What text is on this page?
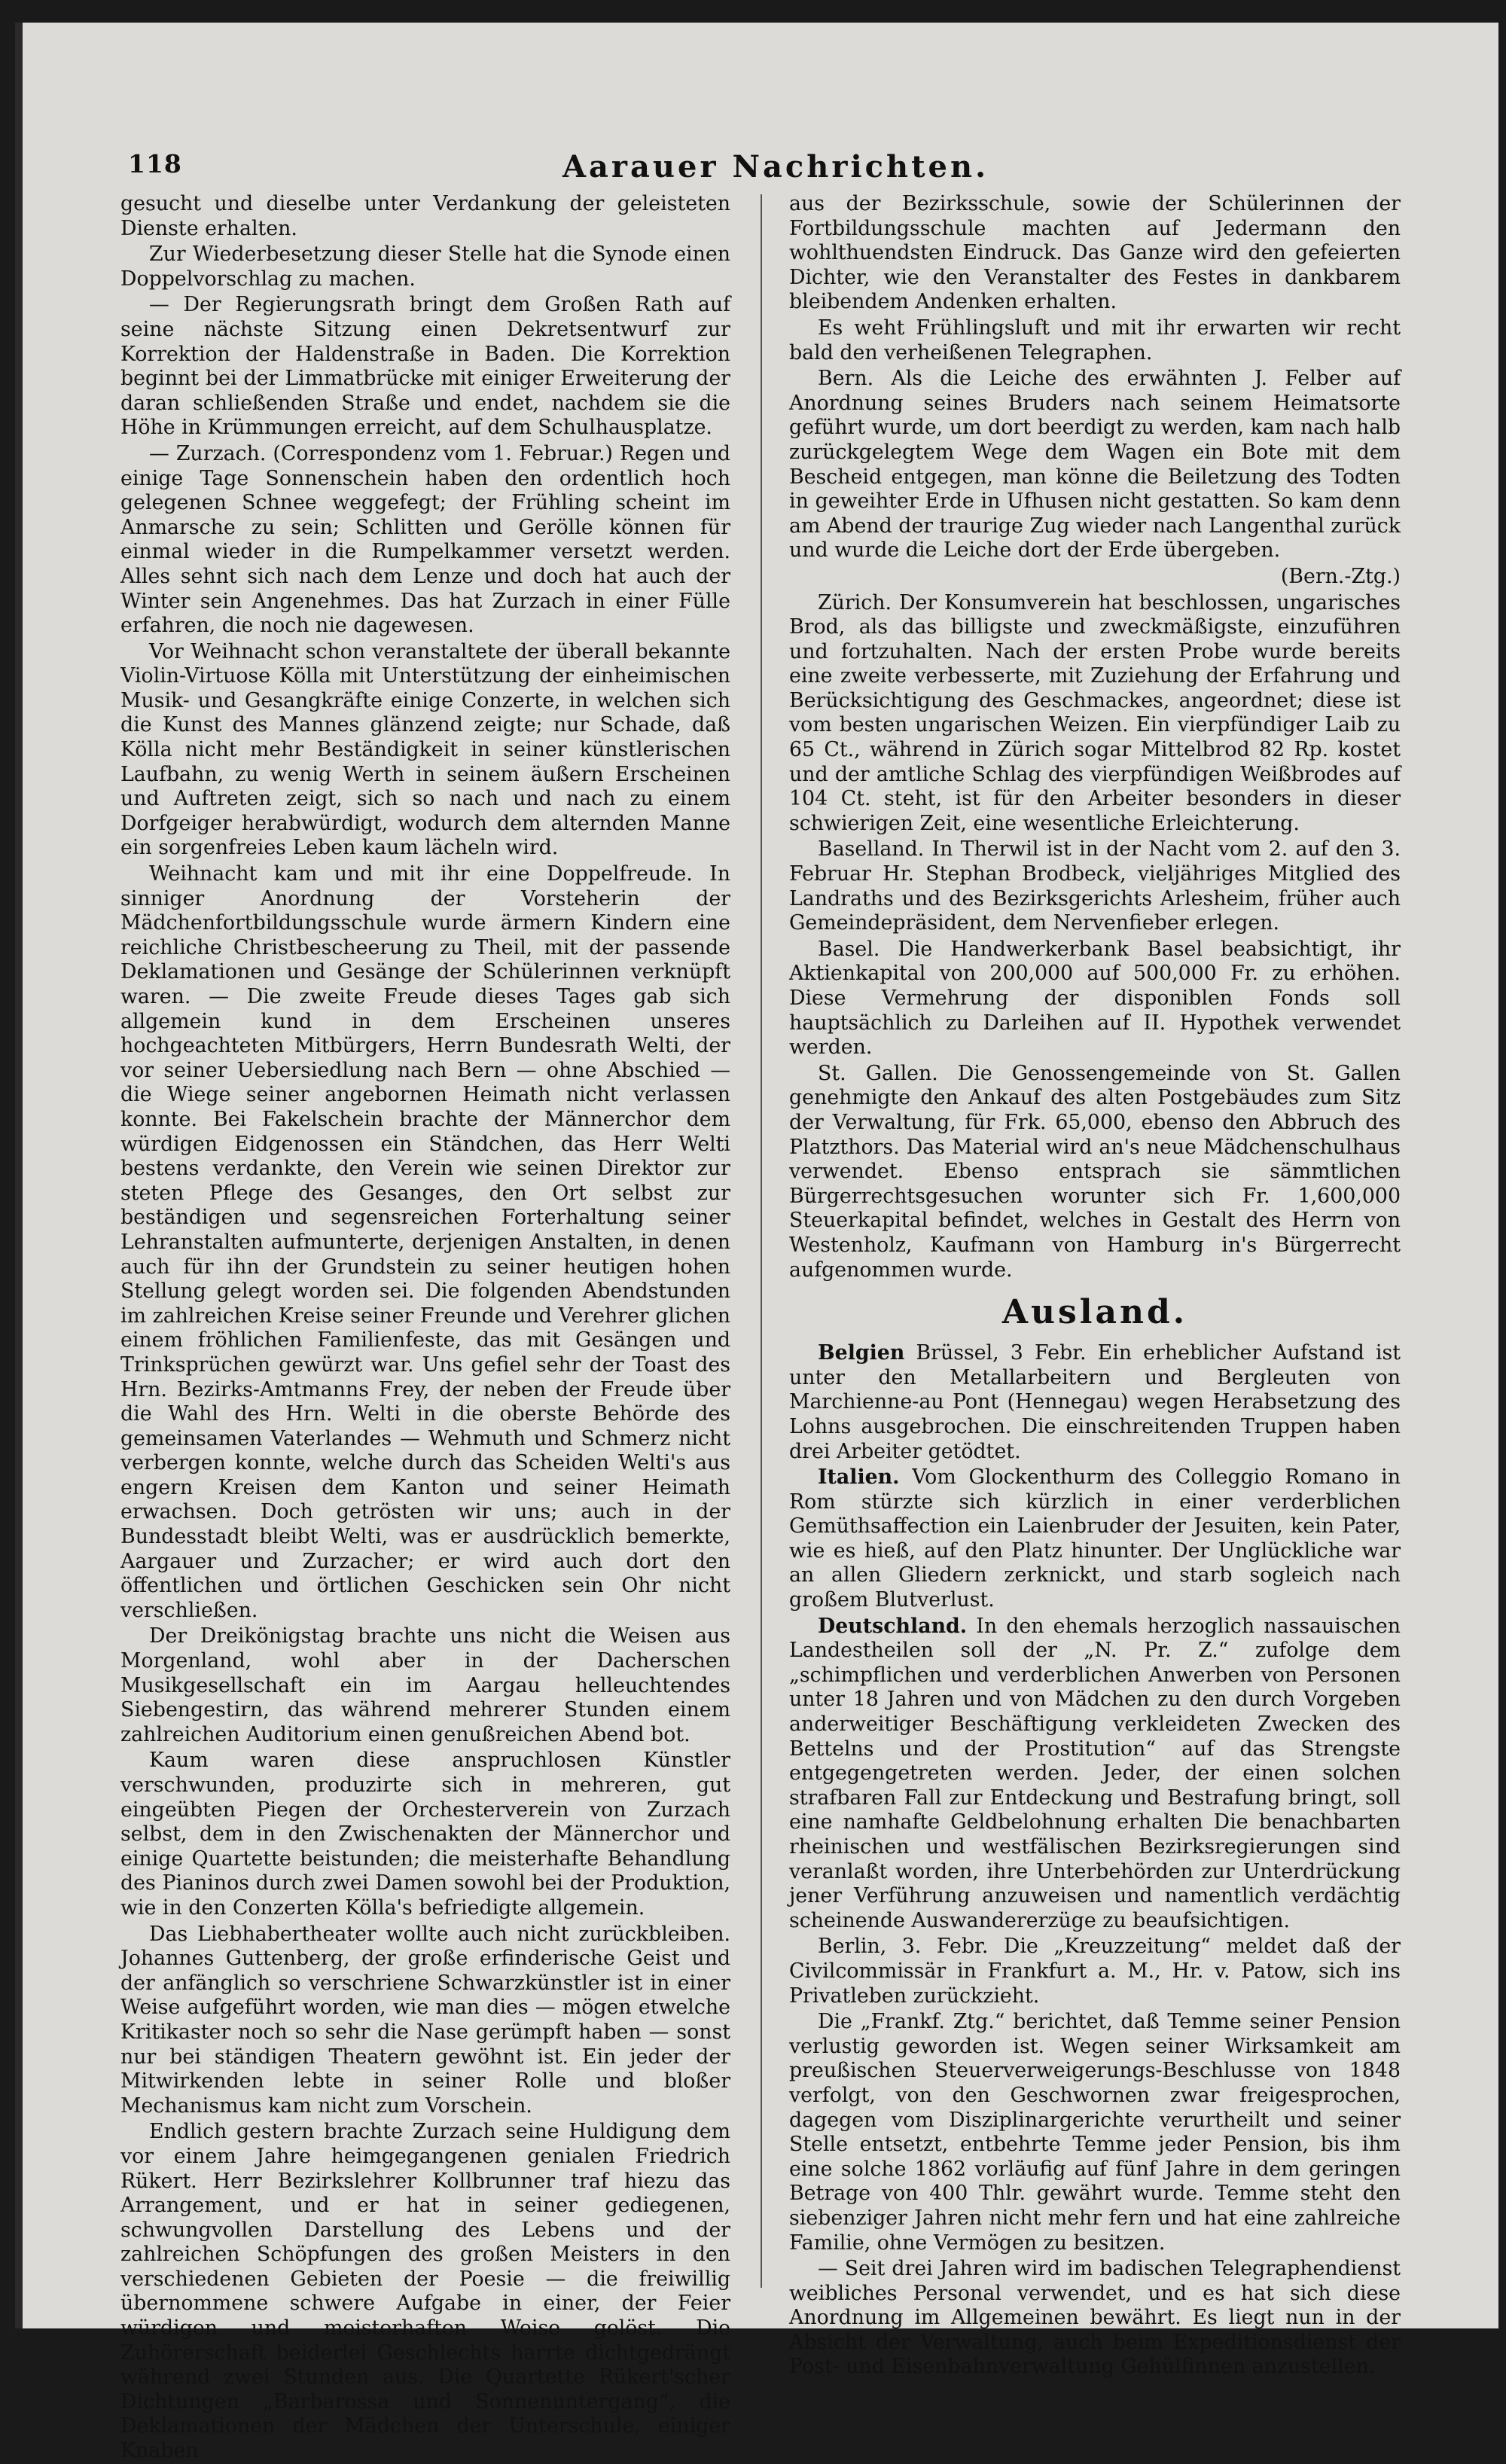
118	Aarauer Nachrichten.

gesucht und dieselbe unter Verdankung der geleisteten Dienste erhalten.

Zur Wiederbesetzung dieser Stelle hat die Synode einen Doppelvorschlag zu machen.

— Der Regierungsrath bringt dem Großen Rath auf seine nächste Sitzung einen Dekretsentwurf zur Korrektion der Haldenstraße in Baden. Die Korrektion beginnt bei der Limmatbrücke mit einiger Erweiterung der daran schließenden Straße und endet, nachdem sie die Höhe in Krümmungen erreicht, auf dem Schulhausplatze.

— Zurzach. (Correspondenz vom 1. Februar.) Regen und einige Tage Sonnenschein haben den ordentlich hoch gelegenen Schnee weggefegt; der Frühling scheint im Anmarsche zu sein; Schlitten und Gerölle können für einmal wieder in die Rumpelkammer versetzt werden. Alles sehnt sich nach dem Lenze und doch hat auch der Winter sein Angenehmes. Das hat Zurzach in einer Fülle erfahren, die noch nie dagewesen.

Vor Weihnacht schon veranstaltete der überall bekannte Violin-Virtuose Kölla mit Unterstützung der einheimischen Musik- und Gesangkräfte einige Conzerte, in welchen sich die Kunst des Mannes glänzend zeigte; nur Schade, daß Kölla nicht mehr Beständigkeit in seiner künstlerischen Laufbahn, zu wenig Werth in seinem äußern Erscheinen und Auftreten zeigt, sich so nach und nach zu einem Dorfgeiger herabwürdigt, wodurch dem alternden Manne ein sorgenfreies Leben kaum lächeln wird.

Weihnacht kam und mit ihr eine Doppelfreude. In sinniger Anordnung der Vorsteherin der Mädchenfortbildungsschule wurde ärmern Kindern eine reichliche Christbescheerung zu Theil, mit der passende Deklamationen und Gesänge der Schülerinnen verknüpft waren. — Die zweite Freude dieses Tages gab sich allgemein kund in dem Erscheinen unseres hochgeachteten Mitbürgers, Herrn Bundesrath Welti, der vor seiner Uebersiedlung nach Bern — ohne Abschied — die Wiege seiner angebornen Heimath nicht verlassen konnte. Bei Fakelschein brachte der Männerchor dem würdigen Eidgenossen ein Ständchen, das Herr Welti bestens verdankte, den Verein wie seinen Direktor zur steten Pflege des Gesanges, den Ort selbst zur beständigen und segensreichen Forterhaltung seiner Lehranstalten aufmunterte, derjenigen Anstalten, in denen auch für ihn der Grundstein zu seiner heutigen hohen Stellung gelegt worden sei. Die folgenden Abendstunden im zahlreichen Kreise seiner Freunde und Verehrer glichen einem fröhlichen Familienfeste, das mit Gesängen und Trinksprüchen gewürzt war. Uns gefiel sehr der Toast des Hrn. Bezirks-Amtmanns Frey, der neben der Freude über die Wahl des Hrn. Welti in die oberste Behörde des gemeinsamen Vaterlandes — Wehmuth und Schmerz nicht verbergen konnte, welche durch das Scheiden Welti's aus engern Kreisen dem Kanton und seiner Heimath erwachsen. Doch getrösten wir uns; auch in der Bundesstadt bleibt Welti, was er ausdrücklich bemerkte, Aargauer und Zurzacher; er wird auch dort den öffentlichen und örtlichen Geschicken sein Ohr nicht verschließen.

Der Dreikönigstag brachte uns nicht die Weisen aus Morgenland, wohl aber in der Dacherschen Musikgesellschaft ein im Aargau helleuchtendes Siebengestirn, das während mehrerer Stunden einem zahlreichen Auditorium einen genußreichen Abend bot.

Kaum waren diese anspruchlosen Künstler verschwunden, produzirte sich in mehreren, gut eingeübten Piegen der Orchesterverein von Zurzach selbst, dem in den Zwischenakten der Männerchor und einige Quartette beistunden; die meisterhafte Behandlung des Pianinos durch zwei Damen sowohl bei der Produktion, wie in den Conzerten Kölla's befriedigte allgemein.

Das Liebhabertheater wollte auch nicht zurückbleiben. Johannes Guttenberg, der große erfinderische Geist und der anfänglich so verschriene Schwarzkünstler ist in einer Weise aufgeführt worden, wie man dies — mögen etwelche Kritikaster noch so sehr die Nase gerümpft haben — sonst nur bei ständigen Theatern gewöhnt ist. Ein jeder der Mitwirkenden lebte in seiner Rolle und bloßer Mechanismus kam nicht zum Vorschein.

Endlich gestern brachte Zurzach seine Huldigung dem vor einem Jahre heimgegangenen genialen Friedrich Rükert. Herr Bezirkslehrer Kollbrunner traf hiezu das Arrangement, und er hat in seiner gediegenen, schwungvollen Darstellung des Lebens und der zahlreichen Schöpfungen des großen Meisters in den verschiedenen Gebieten der Poesie — die freiwillig übernommene schwere Aufgabe in einer, der Feier würdigen und meisterhaften Weise gelöst. Die Zuhörerschaft beiderlei Geschlechts harrte dichtgedrängt während zwei Stunden aus. Die Quartette Rükert'scher Dichtungen „Barbarossa und Sonnenuntergang“, die Deklamationen der Mädchen der Unterschule, einiger Knaben

aus der Bezirksschule, sowie der Schülerinnen der Fortbildungsschule machten auf Jedermann den wohlthuendsten Eindruck. Das Ganze wird den gefeierten Dichter, wie den Veranstalter des Festes in dankbarem bleibendem Andenken erhalten.

Es weht Frühlingsluft und mit ihr erwarten wir recht bald den verheißenen Telegraphen.

Bern. Als die Leiche des erwähnten J. Felber auf Anordnung seines Bruders nach seinem Heimatsorte geführt wurde, um dort beerdigt zu werden, kam nach halb zurückgelegtem Wege dem Wagen ein Bote mit dem Bescheid entgegen, man könne die Beiletzung des Todten in geweihter Erde in Ufhusen nicht gestatten. So kam denn am Abend der traurige Zug wieder nach Langenthal zurück und wurde die Leiche dort der Erde übergeben.

(Bern.-Ztg.)

Zürich. Der Konsumverein hat beschlossen, ungarisches Brod, als das billigste und zweckmäßigste, einzuführen und fortzuhalten. Nach der ersten Probe wurde bereits eine zweite verbesserte, mit Zuziehung der Erfahrung und Berücksichtigung des Geschmackes, angeordnet; diese ist vom besten ungarischen Weizen. Ein vierpfündiger Laib zu 65 Ct., während in Zürich sogar Mittelbrod 82 Rp. kostet und der amtliche Schlag des vierpfündigen Weißbrodes auf 104 Ct. steht, ist für den Arbeiter besonders in dieser schwierigen Zeit, eine wesentliche Erleichterung.

Baselland. In Therwil ist in der Nacht vom 2. auf den 3. Februar Hr. Stephan Brodbeck, vieljähriges Mitglied des Landraths und des Bezirksgerichts Arlesheim, früher auch Gemeindepräsident, dem Nervenfieber erlegen.

Basel. Die Handwerkerbank Basel beabsichtigt, ihr Aktienkapital von 200,000 auf 500,000 Fr. zu erhöhen. Diese Vermehrung der disponiblen Fonds soll hauptsächlich zu Darleihen auf II. Hypothek verwendet werden.

St. Gallen. Die Genossengemeinde von St. Gallen genehmigte den Ankauf des alten Postgebäudes zum Sitz der Verwaltung, für Frk. 65,000, ebenso den Abbruch des Platzthors. Das Material wird an's neue Mädchenschulhaus verwendet. Ebenso entsprach sie sämmtlichen Bürgerrechtsgesuchen worunter sich Fr. 1,600,000 Steuerkapital befindet, welches in Gestalt des Herrn von Westenholz, Kaufmann von Hamburg in's Bürgerrecht aufgenommen wurde.

Ausland.

Belgien Brüssel, 3 Febr. Ein erheblicher Aufstand ist unter den Metallarbeitern und Bergleuten von Marchienne-au Pont (Hennegau) wegen Herabsetzung des Lohns ausgebrochen. Die einschreitenden Truppen haben drei Arbeiter getödtet.

Italien. Vom Glockenthurm des Colleggio Romano in Rom stürzte sich kürzlich in einer verderblichen Gemüthsaffection ein Laienbruder der Jesuiten, kein Pater, wie es hieß, auf den Platz hinunter. Der Unglückliche war an allen Gliedern zerknickt, und starb sogleich nach großem Blutverlust.

Deutschland. In den ehemals herzoglich nassauischen Landestheilen soll der „N. Pr. Z.“ zufolge dem „schimpflichen und verderblichen Anwerben von Personen unter 18 Jahren und von Mädchen zu den durch Vorgeben anderweitiger Beschäftigung verkleideten Zwecken des Bettelns und der Prostitution“ auf das Strengste entgegengetreten werden. Jeder, der einen solchen strafbaren Fall zur Entdeckung und Bestrafung bringt, soll eine namhafte Geldbelohnung erhalten Die benachbarten rheinischen und westfälischen Bezirksregierungen sind veranlaßt worden, ihre Unterbehörden zur Unterdrückung jener Verführung anzuweisen und namentlich verdächtig scheinende Auswandererzüge zu beaufsichtigen.

Berlin, 3. Febr. Die „Kreuzzeitung“ meldet daß der Civilcommissär in Frankfurt a. M., Hr. v. Patow, sich ins Privatleben zurückzieht.

Die „Frankf. Ztg.“ berichtet, daß Temme seiner Pension verlustig geworden ist. Wegen seiner Wirksamkeit am preußischen Steuerverweigerungs-Beschlusse von 1848 verfolgt, von den Geschwornen zwar freigesprochen, dagegen vom Disziplinargerichte verurtheilt und seiner Stelle entsetzt, entbehrte Temme jeder Pension, bis ihm eine solche 1862 vorläufig auf fünf Jahre in dem geringen Betrage von 400 Thlr. gewährt wurde. Temme steht den siebenziger Jahren nicht mehr fern und hat eine zahlreiche Familie, ohne Vermögen zu besitzen.

— Seit drei Jahren wird im badischen Telegraphendienst weibliches Personal verwendet, und es hat sich diese Anordnung im Allgemeinen bewährt. Es liegt nun in der Absicht der Verwaltung, auch beim Expeditionsdienst der Post- und Eisenbahnverwaltung Gehülfinnen anzustellen.
